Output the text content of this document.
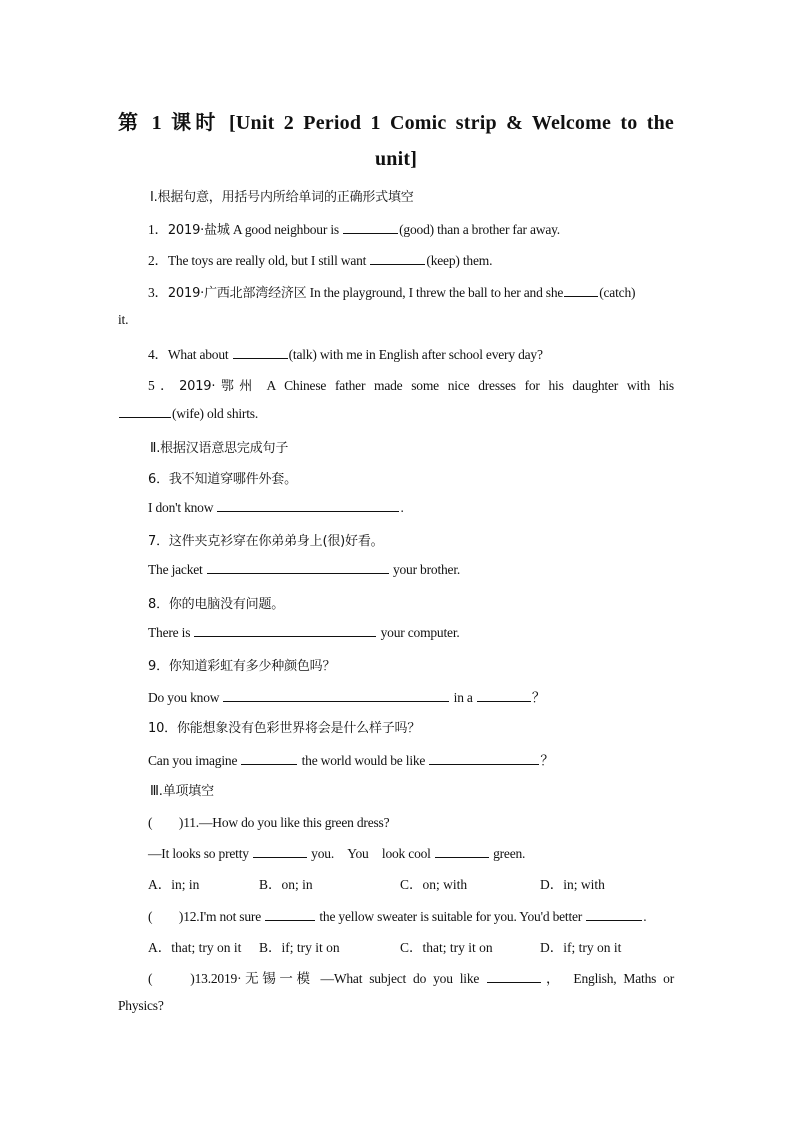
第 1 课时 [Unit 2 Period 1 Comic strip & Welcome to the
unit]
Ⅰ.根据句意，用括号内所给单词的正确形式填空
1．2019·盐城 A good neighbour is	(good) than a brother far away.
2．The toys are really old, but I still want	(keep) them.
3．2019·广西北部湾经济区 In the playground, I threw the ball to her and she	(catch)
it.
4．What about	(talk) with me in English after school every day?
5．2019·鄂州 A Chinese father made some nice dresses for his daughter with his
(wife) old shirts.
Ⅱ.根据汉语意思完成句子
6．我不知道穿哪件外套。
I don't know	.
7．这件夹克衫穿在你弟弟身上(很)好看。
The jacket	your brother.
8．你的电脑没有问题。
There is	your computer.
9．你知道彩虹有多少种颜色吗？
Do you know	in a	？
10．你能想象没有色彩世界将会是什么样子吗？
Can you imagine	the world would be like	？
Ⅲ.单项填空
(　　)11.—How do you like this green dress?
—It looks so pretty	you.　You　look cool	green.
A．in; in	B．on; in	C．on; with	D．in; with
(　　)12.I'm not sure	the yellow sweater is suitable for you. You'd better	.
A．that; try on it B．if; try it on	C．that; try it on	D．if; try on it
(　　)13.2019·无锡一模 —What subject do you like	，　English, Maths or
Physics?
